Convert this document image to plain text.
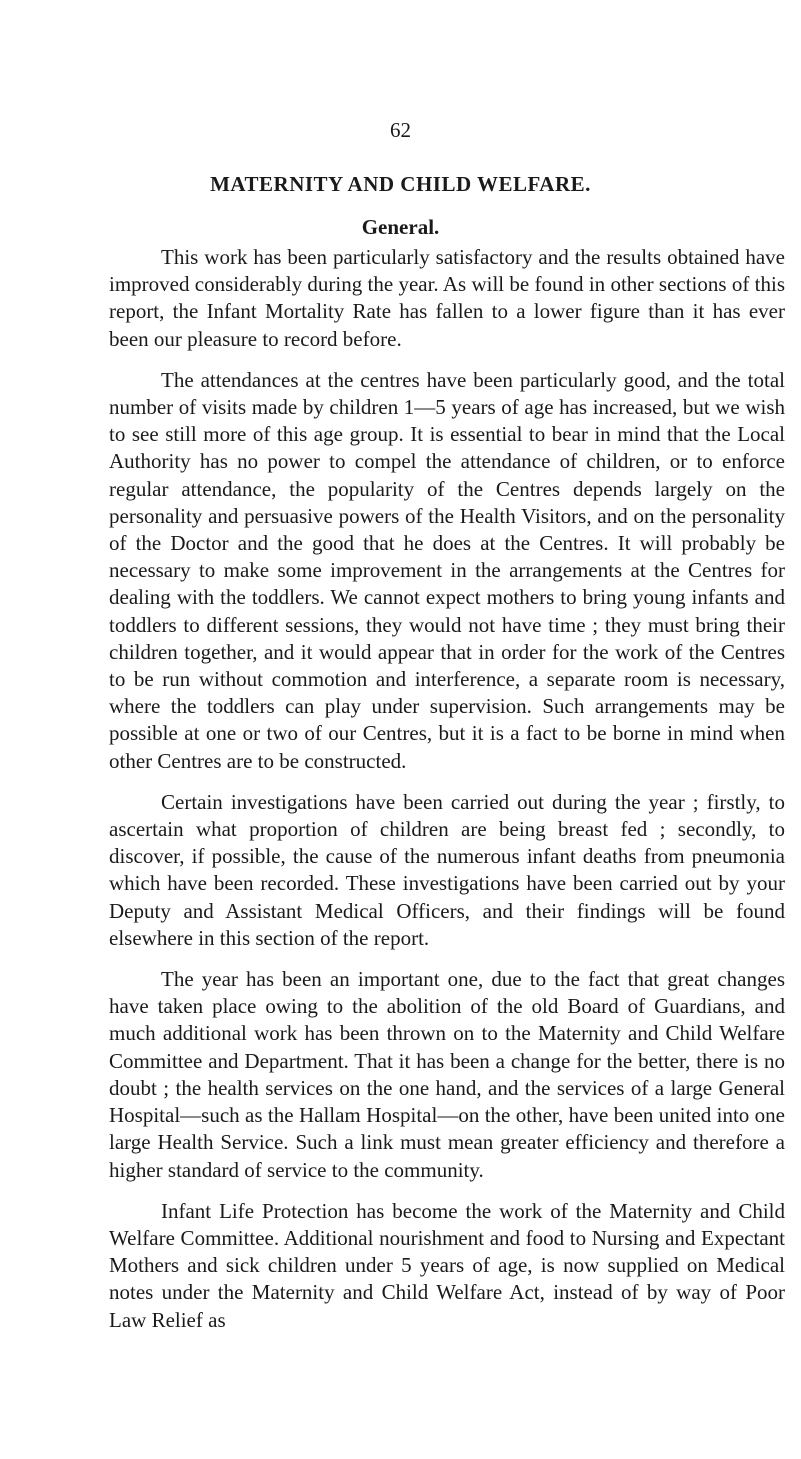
62
MATERNITY AND CHILD WELFARE.
General.

This work has been particularly satisfactory and the results obtained have improved considerably during the year. As will be found in other sections of this report, the Infant Mortality Rate has fallen to a lower figure than it has ever been our pleasure to record before.

The attendances at the centres have been particularly good, and the total number of visits made by children 1—5 years of age has increased, but we wish to see still more of this age group. It is essential to bear in mind that the Local Authority has no power to compel the attendance of children, or to enforce regular attendance, the popularity of the Centres depends largely on the personality and persuasive powers of the Health Visitors, and on the personality of the Doctor and the good that he does at the Centres. It will probably be necessary to make some improvement in the arrangements at the Centres for dealing with the toddlers. We cannot expect mothers to bring young infants and toddlers to different sessions, they would not have time ; they must bring their children together, and it would appear that in order for the work of the Centres to be run without commotion and interference, a separate room is necessary, where the toddlers can play under supervision. Such arrangements may be possible at one or two of our Centres, but it is a fact to be borne in mind when other Centres are to be constructed.

Certain investigations have been carried out during the year ; firstly, to ascertain what proportion of children are being breast fed ; secondly, to discover, if possible, the cause of the numerous infant deaths from pneumonia which have been recorded. These investigations have been carried out by your Deputy and Assistant Medical Officers, and their findings will be found elsewhere in this section of the report.

The year has been an important one, due to the fact that great changes have taken place owing to the abolition of the old Board of Guardians, and much additional work has been thrown on to the Maternity and Child Welfare Committee and Department. That it has been a change for the better, there is no doubt ; the health services on the one hand, and the services of a large General Hospital—such as the Hallam Hospital—on the other, have been united into one large Health Service. Such a link must mean greater efficiency and therefore a higher standard of service to the community.

Infant Life Protection has become the work of the Maternity and Child Welfare Committee. Additional nourishment and food to Nursing and Expectant Mothers and sick children under 5 years of age, is now supplied on Medical notes under the Maternity and Child Welfare Act, instead of by way of Poor Law Relief as
